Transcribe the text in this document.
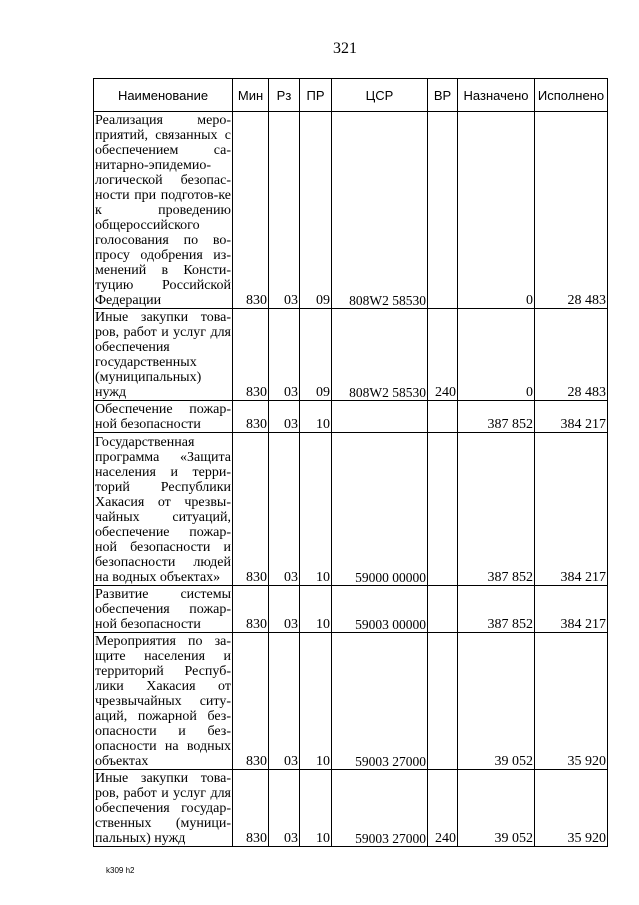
321
Наименование	Мин	Рз	ПР	ЦСР	ВР	Назначено	Исполнено
Реализация меро-приятий, связанных с обеспечением са-нитарно-эпидемио-логической безопас-ности при подготов-ке к проведению общероссийского голосования по во-просу одобрения из-менений в Консти-туцию Российской Федерации	830	03	09	808W2 58530		0	28 483
Иные закупки това-ров, работ и услуг для обеспечения государственных (муниципальных) нужд	830	03	09	808W2 58530	240	0	28 483
Обеспечение пожар-ной безопасности	830	03	10			387 852	384 217
Государственная программа «Защита населения и терри-торий Республики Хакасия от чрезвы-чайных ситуаций, обеспечение пожар-ной безопасности и безопасности людей на водных объектах»	830	03	10	59000 00000		387 852	384 217
Развитие системы обеспечения пожар-ной безопасности	830	03	10	59003 00000		387 852	384 217
Мероприятия по за-щите населения и территорий Респуб-лики Хакасия от чрезвычайных ситу-аций, пожарной без-опасности и без-опасности на водных объектах	830	03	10	59003 27000		39 052	35 920
Иные закупки това-ров, работ и услуг для обеспечения государ-ственных (муници-пальных) нужд	830	03	10	59003 27000	240	39 052	35 920
k309 h2
